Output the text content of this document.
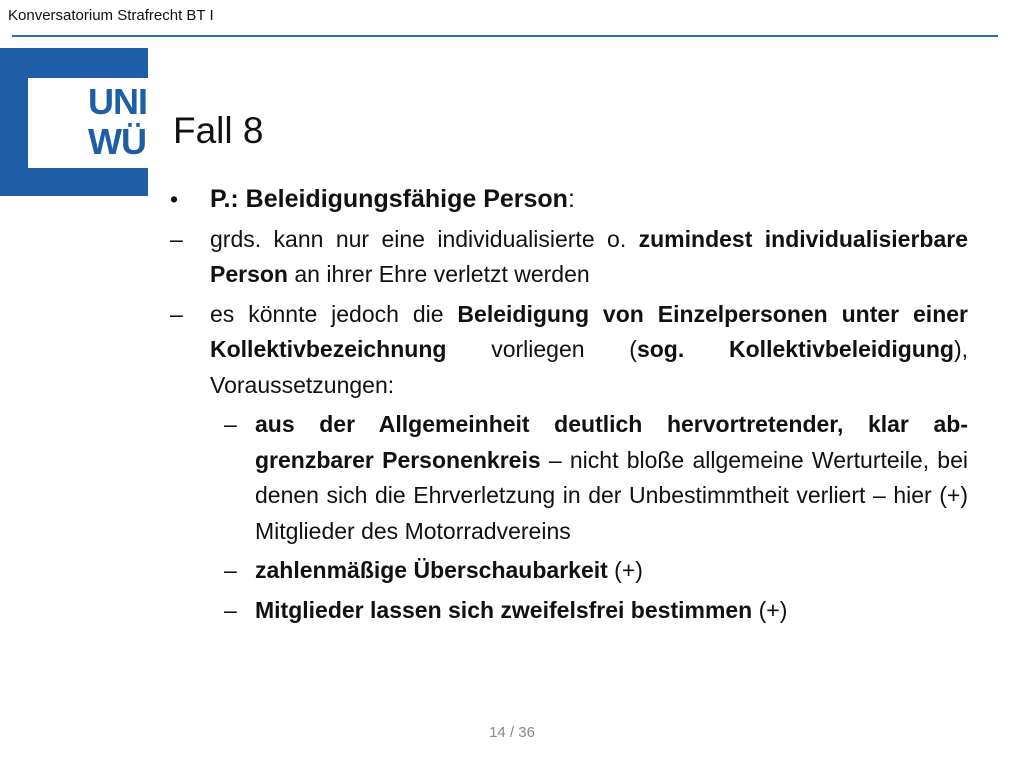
Konversatorium Strafrecht BT I
UNI
WÜ Fall 8
• P.: Beleidigungsfähige Person:
– grds. kann nur eine individualisierte o. zumindest individualisierbare Person an ihrer Ehre verletzt werden
– es könnte jedoch die Beleidigung von Einzelpersonen unter einer Kollektivbezeichnung vorliegen (sog. Kollektivbeleidigung), Voraussetzungen:
– aus der Allgemeinheit deutlich hervortretender, klar abgrenzbarer Personenkreis – nicht bloße allgemeine Werturteile, bei denen sich die Ehrverletzung in der Unbestimmtheit verliert – hier (+) Mitglieder des Motorradvereins
– zahlenmäßige Überschaubarkeit (+)
– Mitglieder lassen sich zweifelsfrei bestimmen (+)
14 / 36
